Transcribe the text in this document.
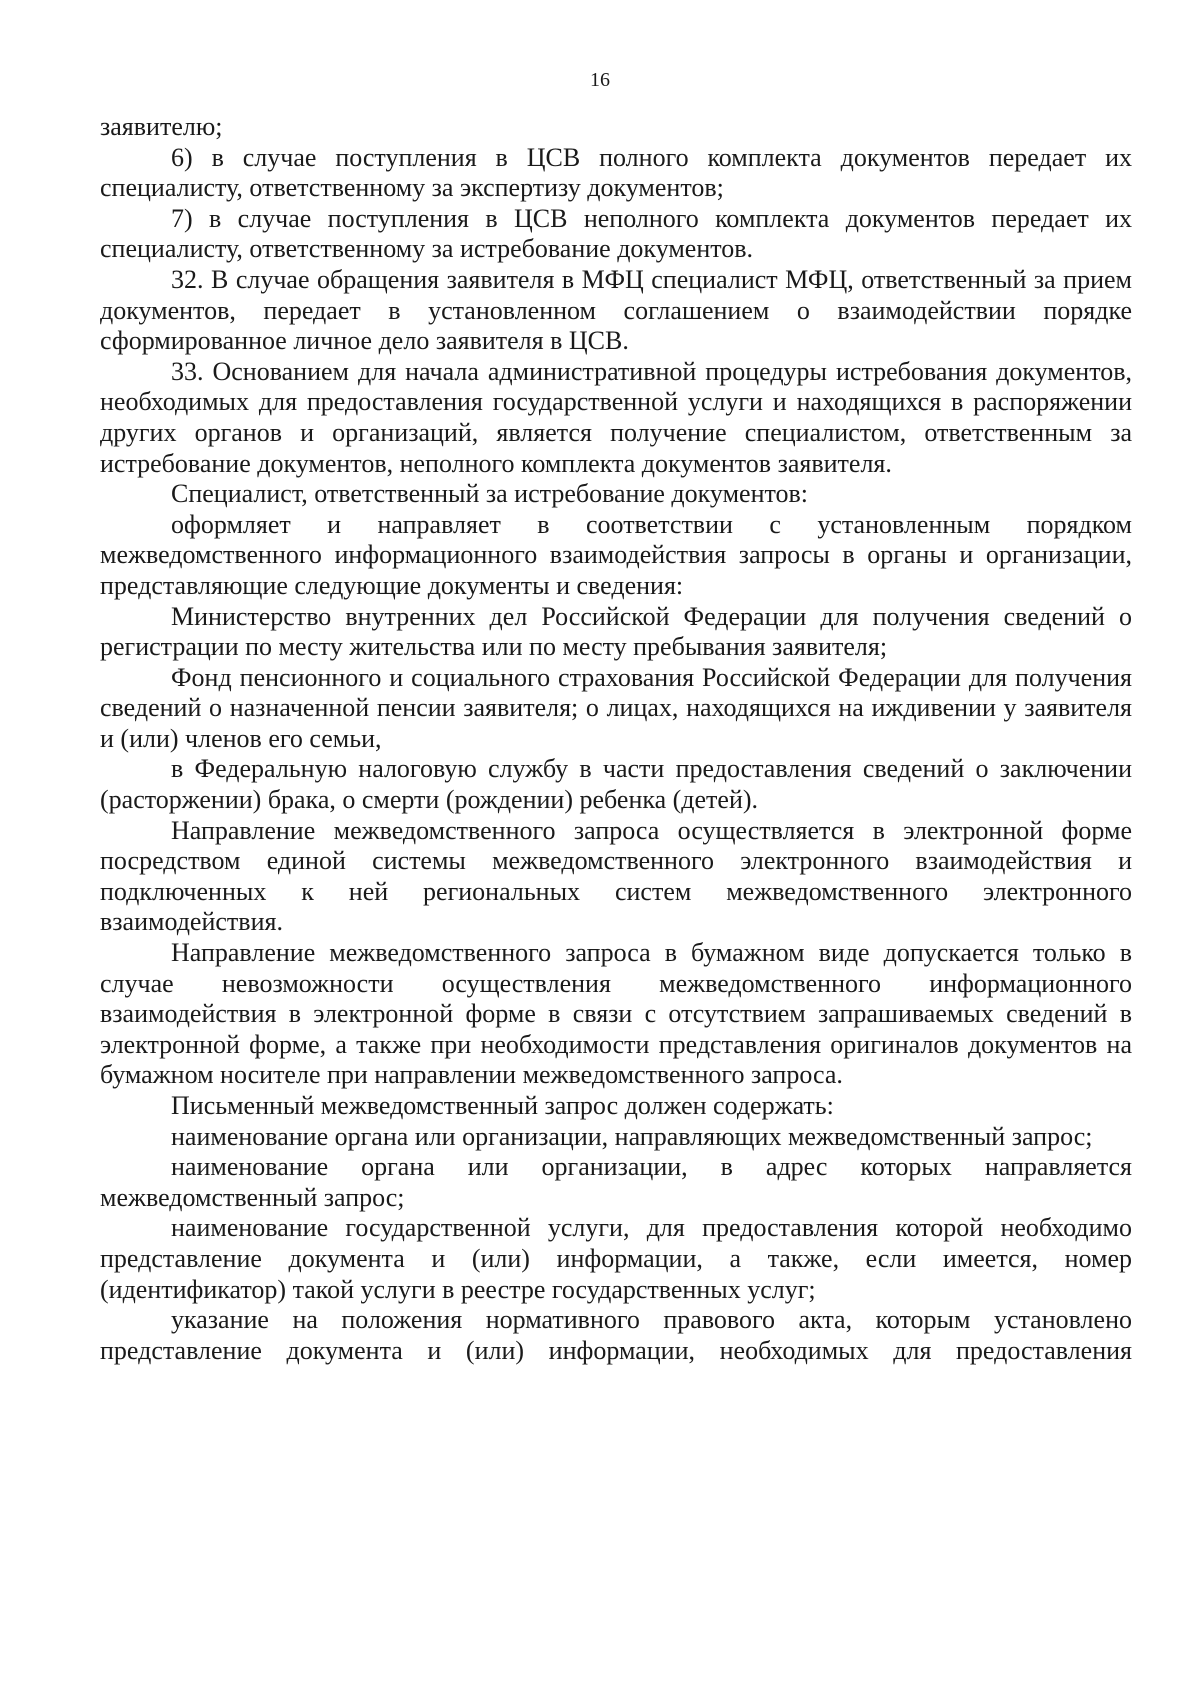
16

заявителю;

6) в случае поступления в ЦСВ полного комплекта документов передает их специалисту, ответственному за экспертизу документов;

7) в случае поступления в ЦСВ неполного комплекта документов передает их специалисту, ответственному за истребование документов.

32. В случае обращения заявителя в МФЦ специалист МФЦ, ответственный за прием документов, передает в установленном соглашением о взаимодействии порядке сформированное личное дело заявителя в ЦСВ.

33. Основанием для начала административной процедуры истребования документов, необходимых для предоставления государственной услуги и находящихся в распоряжении других органов и организаций, является получение специалистом, ответственным за истребование документов, неполного комплекта документов заявителя.

Специалист, ответственный за истребование документов:

оформляет и направляет в соответствии с установленным порядком межведомственного информационного взаимодействия запросы в органы и организации, представляющие следующие документы и сведения:

Министерство внутренних дел Российской Федерации для получения сведений о регистрации по месту жительства или по месту пребывания заявителя;

Фонд пенсионного и социального страхования Российской Федерации для получения сведений о назначенной пенсии заявителя; о лицах, находящихся на иждивении у заявителя и (или) членов его семьи,

в Федеральную налоговую службу в части предоставления сведений о заключении (расторжении) брака, о смерти (рождении) ребенка (детей).

Направление межведомственного запроса осуществляется в электронной форме посредством единой системы межведомственного электронного взаимодействия и подключенных к ней региональных систем межведомственного электронного взаимодействия.

Направление межведомственного запроса в бумажном виде допускается только в случае невозможности осуществления межведомственного информационного взаимодействия в электронной форме в связи с отсутствием запрашиваемых сведений в электронной форме, а также при необходимости представления оригиналов документов на бумажном носителе при направлении межведомственного запроса.

Письменный межведомственный запрос должен содержать:

наименование органа или организации, направляющих межведомственный запрос;

наименование органа или организации, в адрес которых направляется межведомственный запрос;

наименование государственной услуги, для предоставления которой необходимо представление документа и (или) информации, а также, если имеется, номер (идентификатор) такой услуги в реестре государственных услуг;

указание на положения нормативного правового акта, которым установлено представление документа и (или) информации, необходимых для предоставления
